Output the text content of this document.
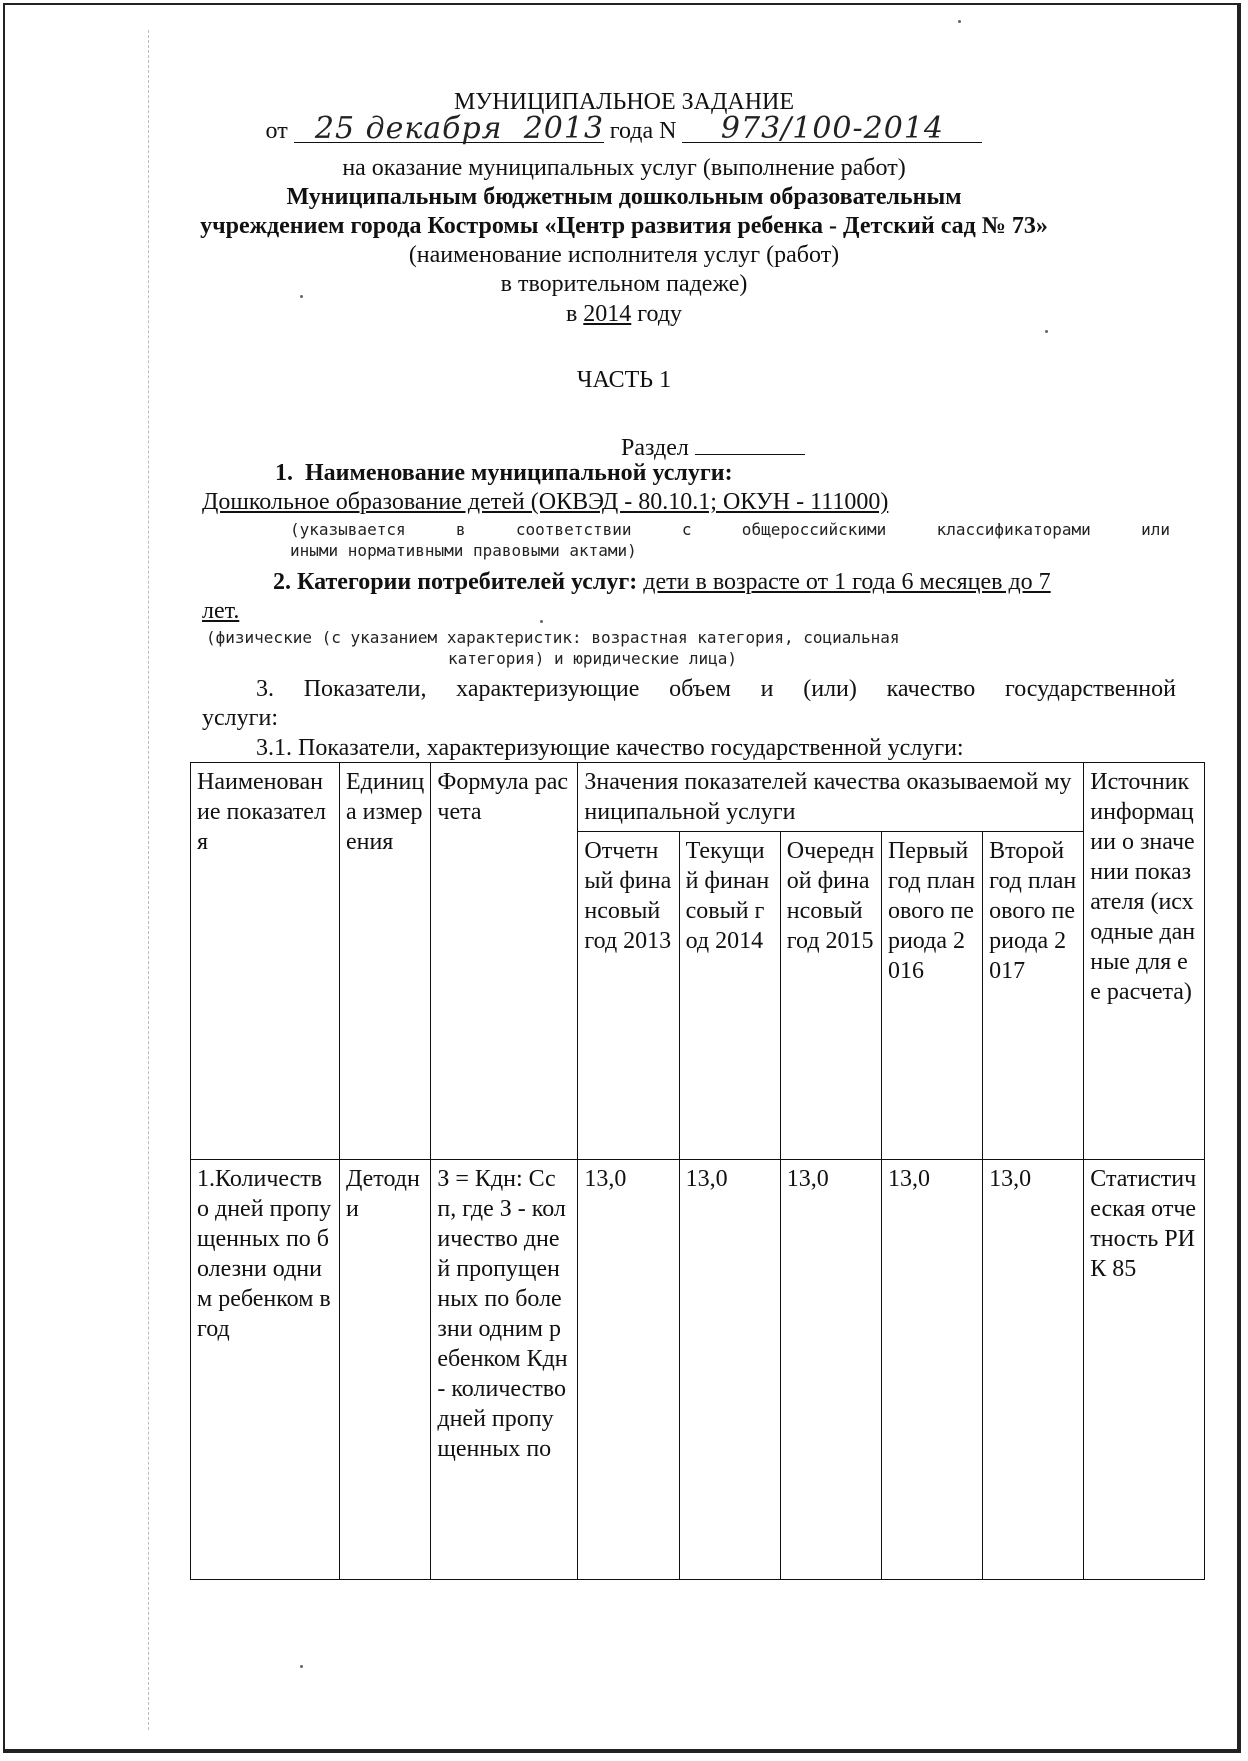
МУНИЦИПАЛЬНОЕ ЗАДАНИЕ
от 25 декабря 2013 года N 973/100-2014
на оказание муниципальных услуг (выполнение работ)
Муниципальным бюджетным дошкольным образовательным
учреждением города Костромы «Центр развития ребенка - Детский сад № 73»
(наименование исполнителя услуг (работ)
в творительном падеже)
в 2014 году
ЧАСТЬ 1
Раздел
1. Наименование муниципальной услуги:
Дошкольное образование детей (ОКВЭД - 80.10.1; ОКУН - 111000)
(указывается в соответствии с общероссийскими классификаторами или
иными нормативными правовыми актами)
2. Категории потребителей услуг: дети в возрасте от 1 года 6 месяцев до 7
лет.
(физические (с указанием характеристик: возрастная категория, социальная
категория) и юридические лица)
3. Показатели, характеризующие объем и (или) качество государственной
услуги:
3.1. Показатели, характеризующие качество государственной услуги:
Наименование показателя	Единица измерения	Формула расчета	Значения показателей качества оказываемой муниципальной услуги					Источник информации о значении показателя (исходные данные для ее расчета)
			Отчетный финансовый год 2013	Текущий финансовый год 2014	Очередной финансовый год 2015	Первый год планового периода 2016	Второй год планового периода 2017	
1.Количество дней пропущенных по болезни одним ребенком в год	Детодни	З = Кдн: Ссп, где З - количество дней пропущенных по болезни одним ребенком Кдн - количество дней пропущенных по	13,0	13,0	13,0	13,0	13,0	Статистическая отчетность РИК 85
